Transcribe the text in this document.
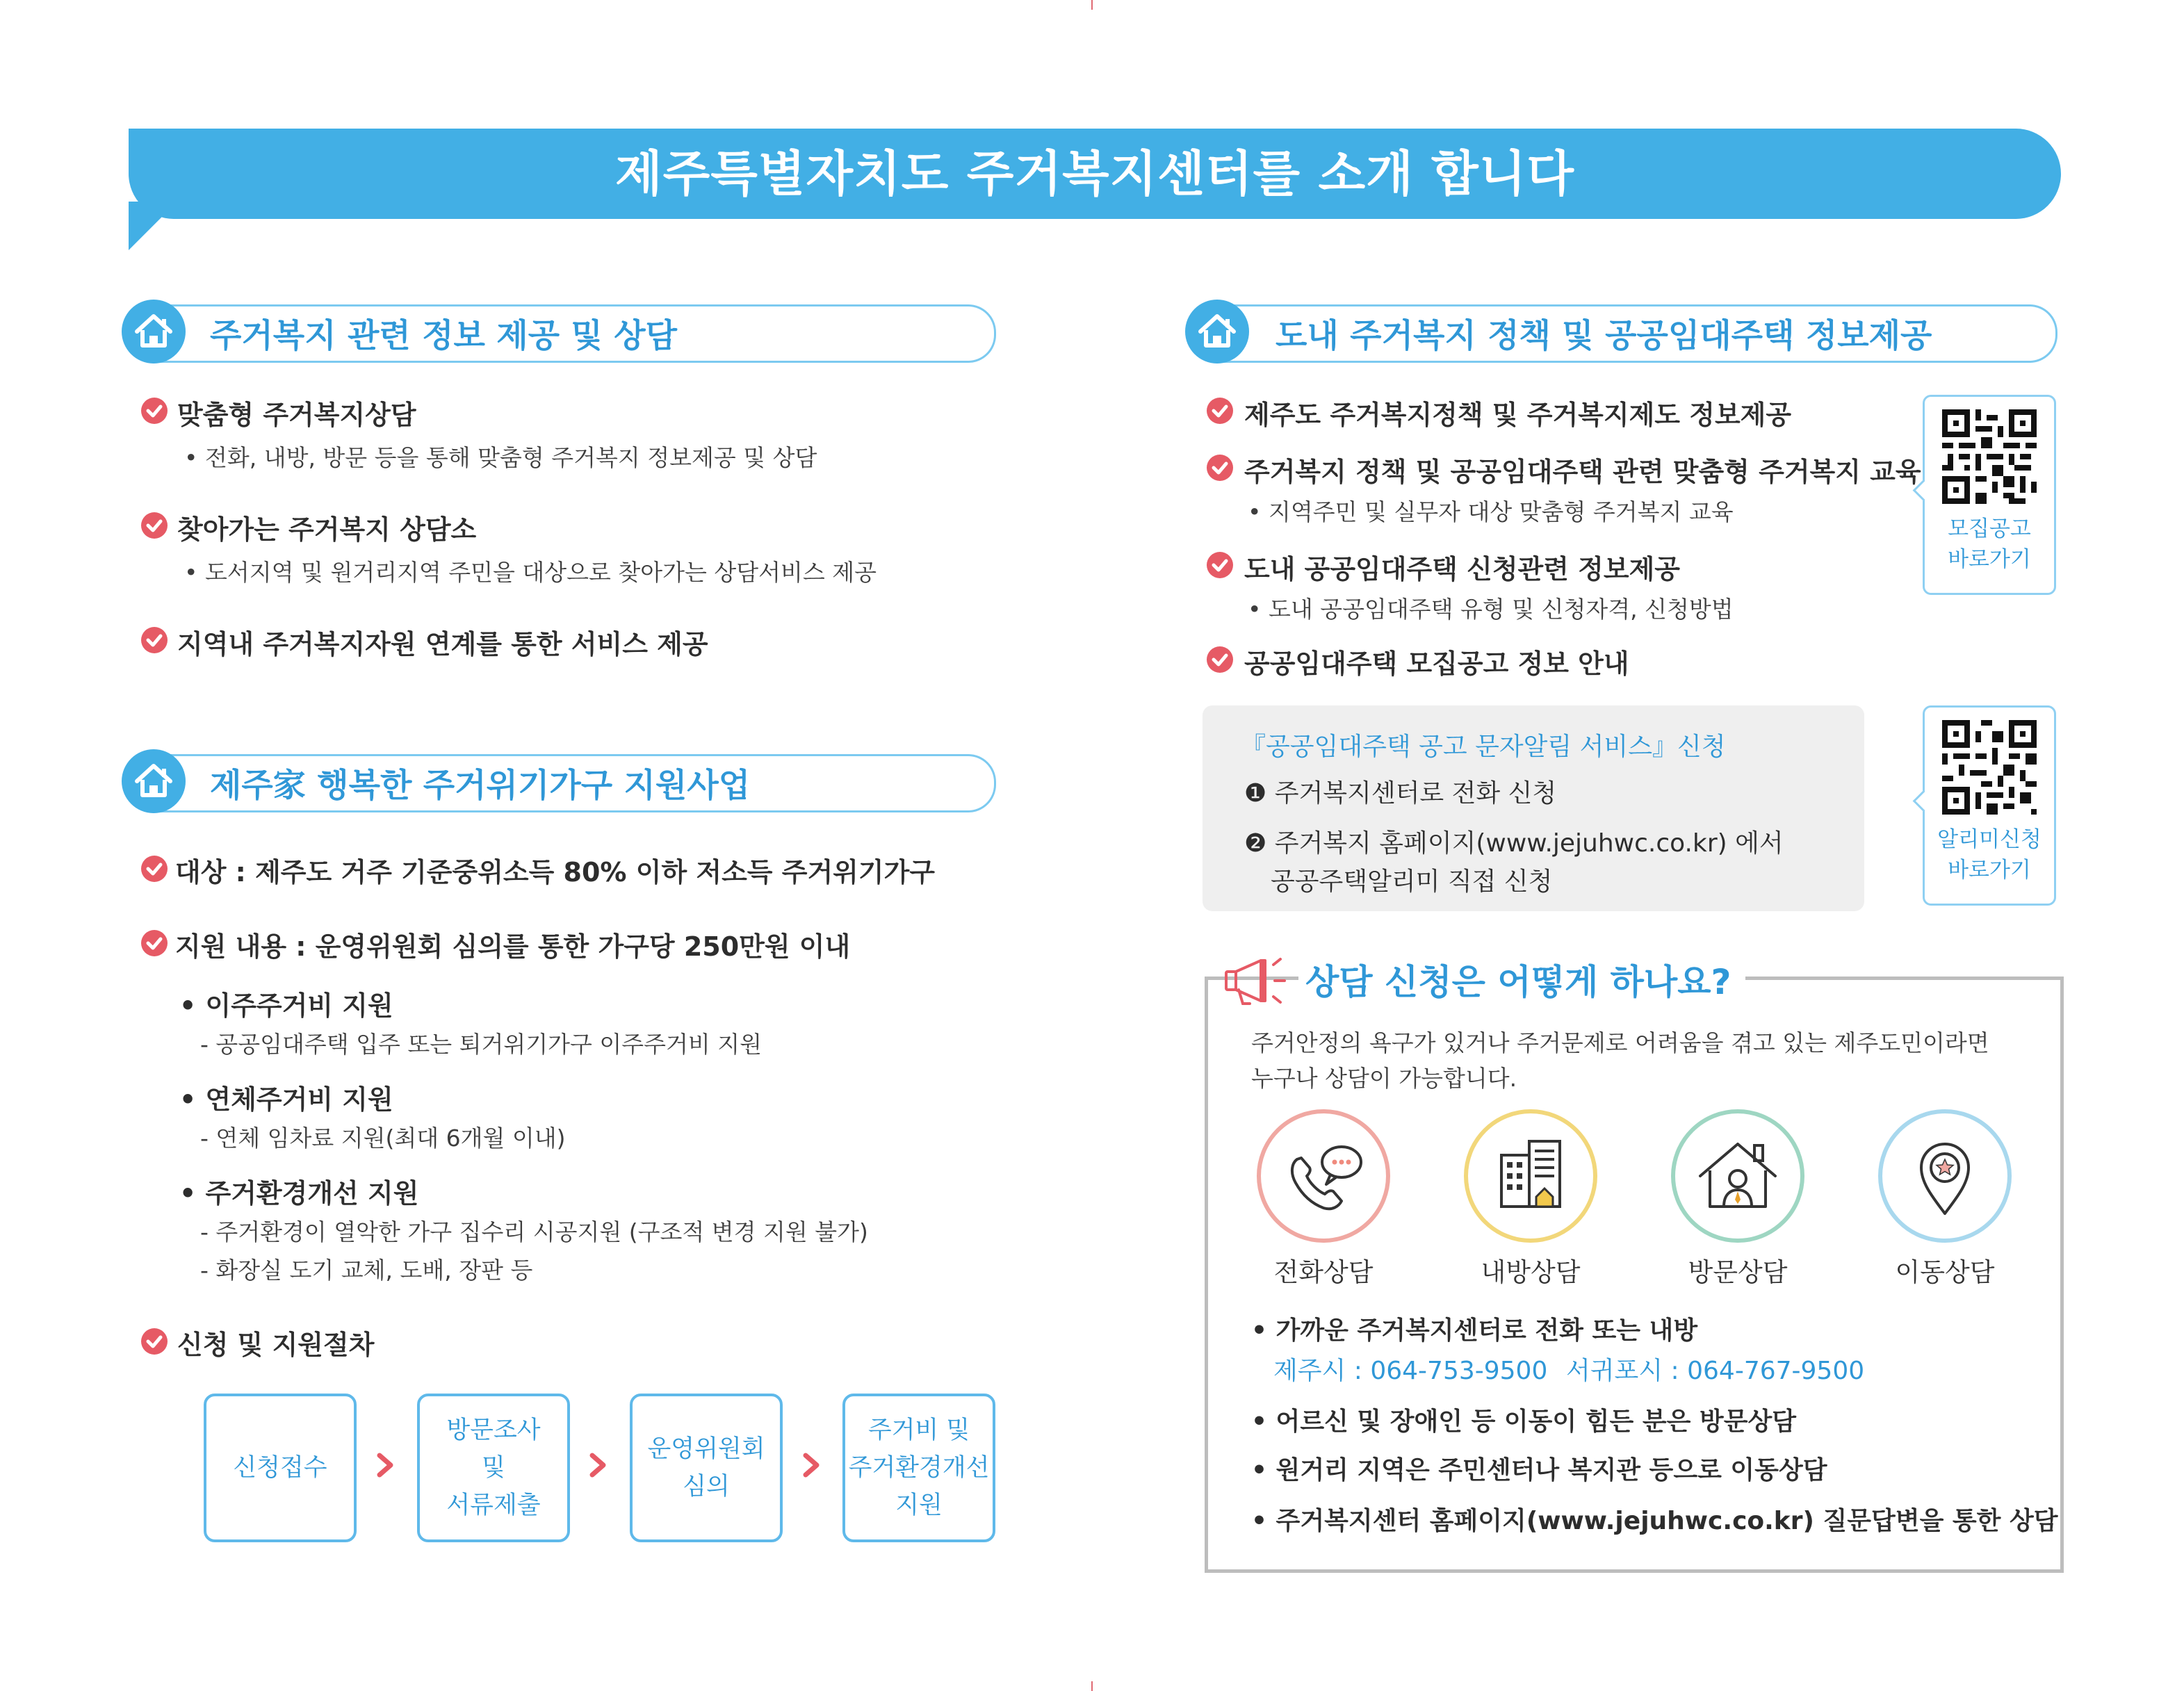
제주특별자치도 주거복지센터를 소개 합니다
주거복지 관련 정보 제공 및 상담
맞춤형 주거복지상담
• 전화, 내방, 방문 등을 통해 맞춤형 주거복지 정보제공 및 상담
찾아가는 주거복지 상담소
• 도서지역 및 원거리지역 주민을 대상으로 찾아가는 상담서비스 제공
지역내 주거복지자원 연계를 통한 서비스 제공
제주家 행복한 주거위기가구 지원사업
대상 : 제주도 거주 기준중위소득 80% 이하 저소득 주거위기가구
지원 내용 : 운영위원회 심의를 통한 가구당 250만원 이내
• 이주주거비 지원
- 공공임대주택 입주 또는 퇴거위기가구 이주주거비 지원
• 연체주거비 지원
- 연체 임차료 지원(최대 6개월 이내)
• 주거환경개선 지원
- 주거환경이 열악한 가구 집수리 시공지원 (구조적 변경 지원 불가)
- 화장실 도기 교체, 도배, 장판 등
신청 및 지원절차
신청접수
방문조사
및
서류제출
운영위원회
심의
주거비 및
주거환경개선
지원
도내 주거복지 정책 및 공공임대주택 정보제공
제주도 주거복지정책 및 주거복지제도 정보제공
주거복지 정책 및 공공임대주택 관련 맞춤형 주거복지 교육
• 지역주민 및 실무자 대상 맞춤형 주거복지 교육
도내 공공임대주택 신청관련 정보제공
• 도내 공공임대주택 유형 및 신청자격, 신청방법
공공임대주택 모집공고 정보 안내
모집공고
바로가기
『공공임대주택 공고 문자알림 서비스』신청
❶ 주거복지센터로 전화 신청
❷ 주거복지 홈페이지(www.jejuhwc.co.kr) 에서
공공주택알리미 직접 신청
알리미신청
바로가기
상담 신청은 어떻게 하나요?
주거안정의 욕구가 있거나 주거문제로 어려움을 겪고 있는 제주도민이라면
누구나 상담이 가능합니다.
전화상담	내방상담	방문상담	이동상담
• 가까운 주거복지센터로 전화 또는 내방
제주시 : 064-753-9500 서귀포시 : 064-767-9500
• 어르신 및 장애인 등 이동이 힘든 분은 방문상담
• 원거리 지역은 주민센터나 복지관 등으로 이동상담
• 주거복지센터 홈페이지(www.jejuhwc.co.kr) 질문답변을 통한 상담
